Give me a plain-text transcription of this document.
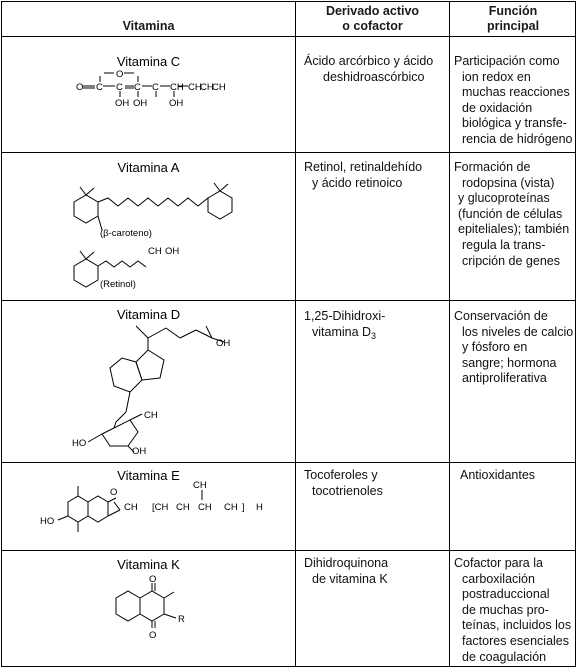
Vitamina
Derivado activo
o cofactor
Función
principal
Vitamina C
O
O C C C C CH CH
CH
CH
OH OH OH
Ácido arcórbico y ácido
deshidroascórbico
Participación como
ion redox en
muchas reacciones
de oxidación
biológica y transfe-
rencia de hidrógeno
Vitamina A
(β-caroteno)
CH OH
(Retinol)
Retinol, retinaldehído
y ácido retinoico
Formación de
rodopsina (vista)
y glucoproteínas
(función de células
epiteliales); también
regula la trans-
cripción de genes
Vitamina D
OH
CH
HO
OH
1,25-Dihidroxi-
vitamina $D_3$
Conservación de
los niveles de calcio
y fósforo en
sangre; hormona
antiproliferativa
Vitamina E
CH
O
HO
CH [CH CH CH CH ] H
Tocoferoles y
tocotrienoles
Antioxidantes
Vitamina K
O
O
R
Dihidroquinona
de vitamina K
Cofactor para la
carboxilación
postraduccional
de muchas pro-
teínas, incluidos los
factores esenciales
de coagulación
